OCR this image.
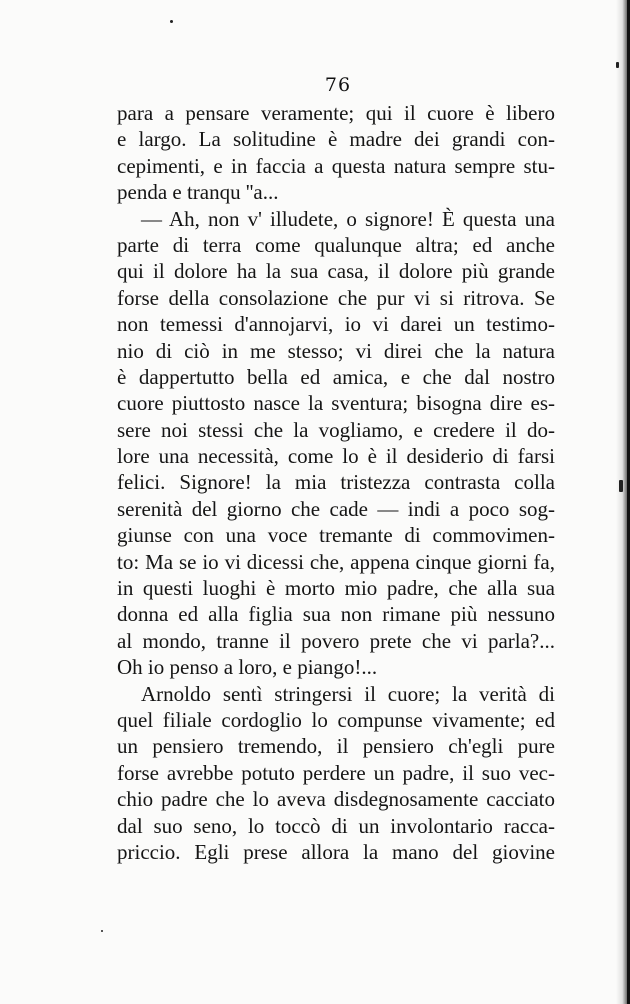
76
para a pensare veramente; qui il cuore è libero
e largo. La solitudine è madre dei grandi con-
cepimenti, e in faccia a questa natura sempre stu-
penda e tranqu ''a...
— Ah, non v' illudete, o signore! È questa una
parte di terra come qualunque altra; ed anche
qui il dolore ha la sua casa, il dolore più grande
forse della consolazione che pur vi si ritrova. Se
non temessi d'annojarvi, io vi darei un testimo-
nio di ciò in me stesso; vi direi che la natura
è dappertutto bella ed amica, e che dal nostro
cuore piuttosto nasce la sventura; bisogna dire es-
sere noi stessi che la vogliamo, e credere il do-
lore una necessità, come lo è il desiderio di farsi
felici. Signore! la mia tristezza contrasta colla
serenità del giorno che cade — indi a poco sog-
giunse con una voce tremante di commovimen-
to: Ma se io vi dicessi che, appena cinque giorni fa,
in questi luoghi è morto mio padre, che alla sua
donna ed alla figlia sua non rimane più nessuno
al mondo, tranne il povero prete che vi parla?...
Oh io penso a loro, e piango!...
Arnoldo sentì stringersi il cuore; la verità di
quel filiale cordoglio lo compunse vivamente; ed
un pensiero tremendo, il pensiero ch'egli pure
forse avrebbe potuto perdere un padre, il suo vec-
chio padre che lo aveva disdegnosamente cacciato
dal suo seno, lo toccò di un involontario racca-
priccio. Egli prese allora la mano del giovine
